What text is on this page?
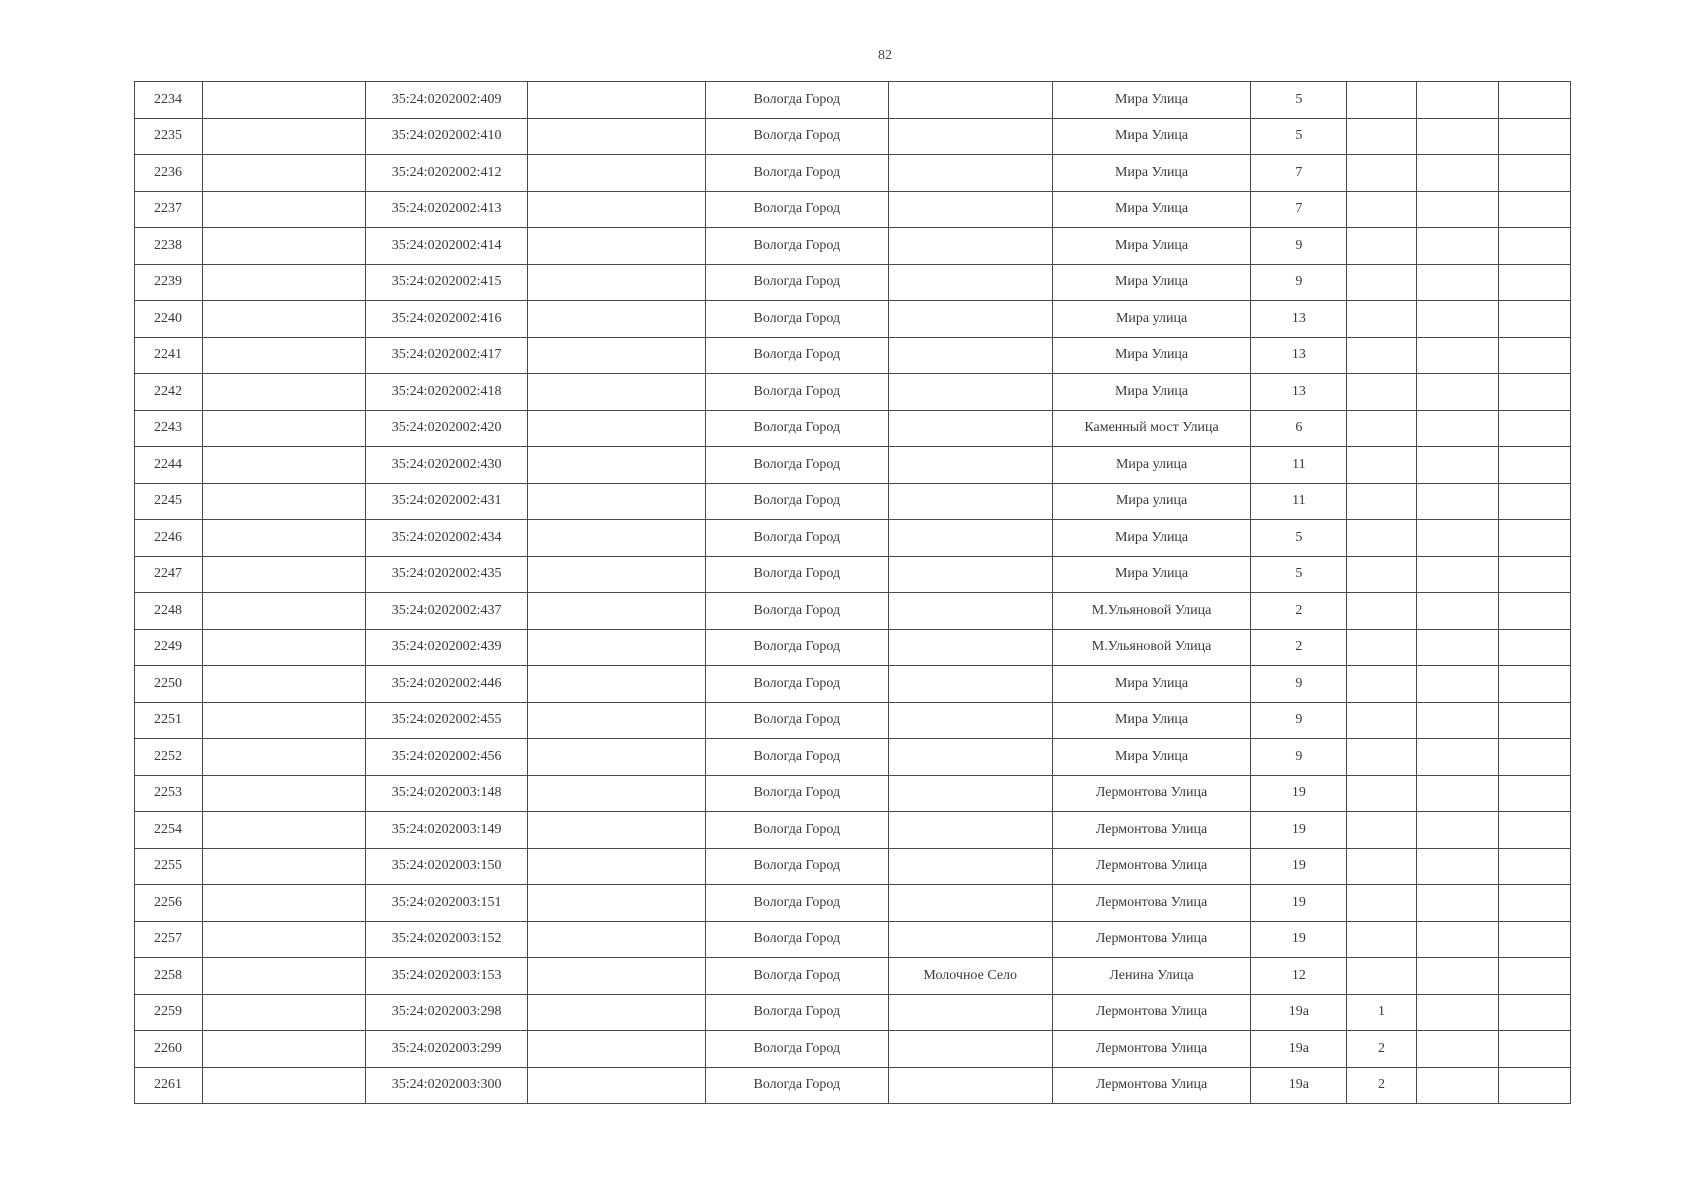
82
2234		35:24:0202002:409		Вологда Город		Мира Улица	5			
2235		35:24:0202002:410		Вологда Город		Мира Улица	5			
2236		35:24:0202002:412		Вологда Город		Мира Улица	7			
2237		35:24:0202002:413		Вологда Город		Мира Улица	7			
2238		35:24:0202002:414		Вологда Город		Мира Улица	9			
2239		35:24:0202002:415		Вологда Город		Мира Улица	9			
2240		35:24:0202002:416		Вологда Город		Мира улица	13			
2241		35:24:0202002:417		Вологда Город		Мира Улица	13			
2242		35:24:0202002:418		Вологда Город		Мира Улица	13			
2243		35:24:0202002:420		Вологда Город		Каменный мост Улица	6			
2244		35:24:0202002:430		Вологда Город		Мира улица	11			
2245		35:24:0202002:431		Вологда Город		Мира улица	11			
2246		35:24:0202002:434		Вологда Город		Мира Улица	5			
2247		35:24:0202002:435		Вологда Город		Мира Улица	5			
2248		35:24:0202002:437		Вологда Город		М.Ульяновой Улица	2			
2249		35:24:0202002:439		Вологда Город		М.Ульяновой Улица	2			
2250		35:24:0202002:446		Вологда Город		Мира Улица	9			
2251		35:24:0202002:455		Вологда Город		Мира Улица	9			
2252		35:24:0202002:456		Вологда Город		Мира Улица	9			
2253		35:24:0202003:148		Вологда Город		Лермонтова Улица	19			
2254		35:24:0202003:149		Вологда Город		Лермонтова Улица	19			
2255		35:24:0202003:150		Вологда Город		Лермонтова Улица	19			
2256		35:24:0202003:151		Вологда Город		Лермонтова Улица	19			
2257		35:24:0202003:152		Вологда Город		Лермонтова Улица	19			
2258		35:24:0202003:153		Вологда Город	Молочное Село	Ленина Улица	12			
2259		35:24:0202003:298		Вологда Город		Лермонтова Улица	19а	1		
2260		35:24:0202003:299		Вологда Город		Лермонтова Улица	19а	2		
2261		35:24:0202003:300		Вологда Город		Лермонтова Улица	19а	2		
